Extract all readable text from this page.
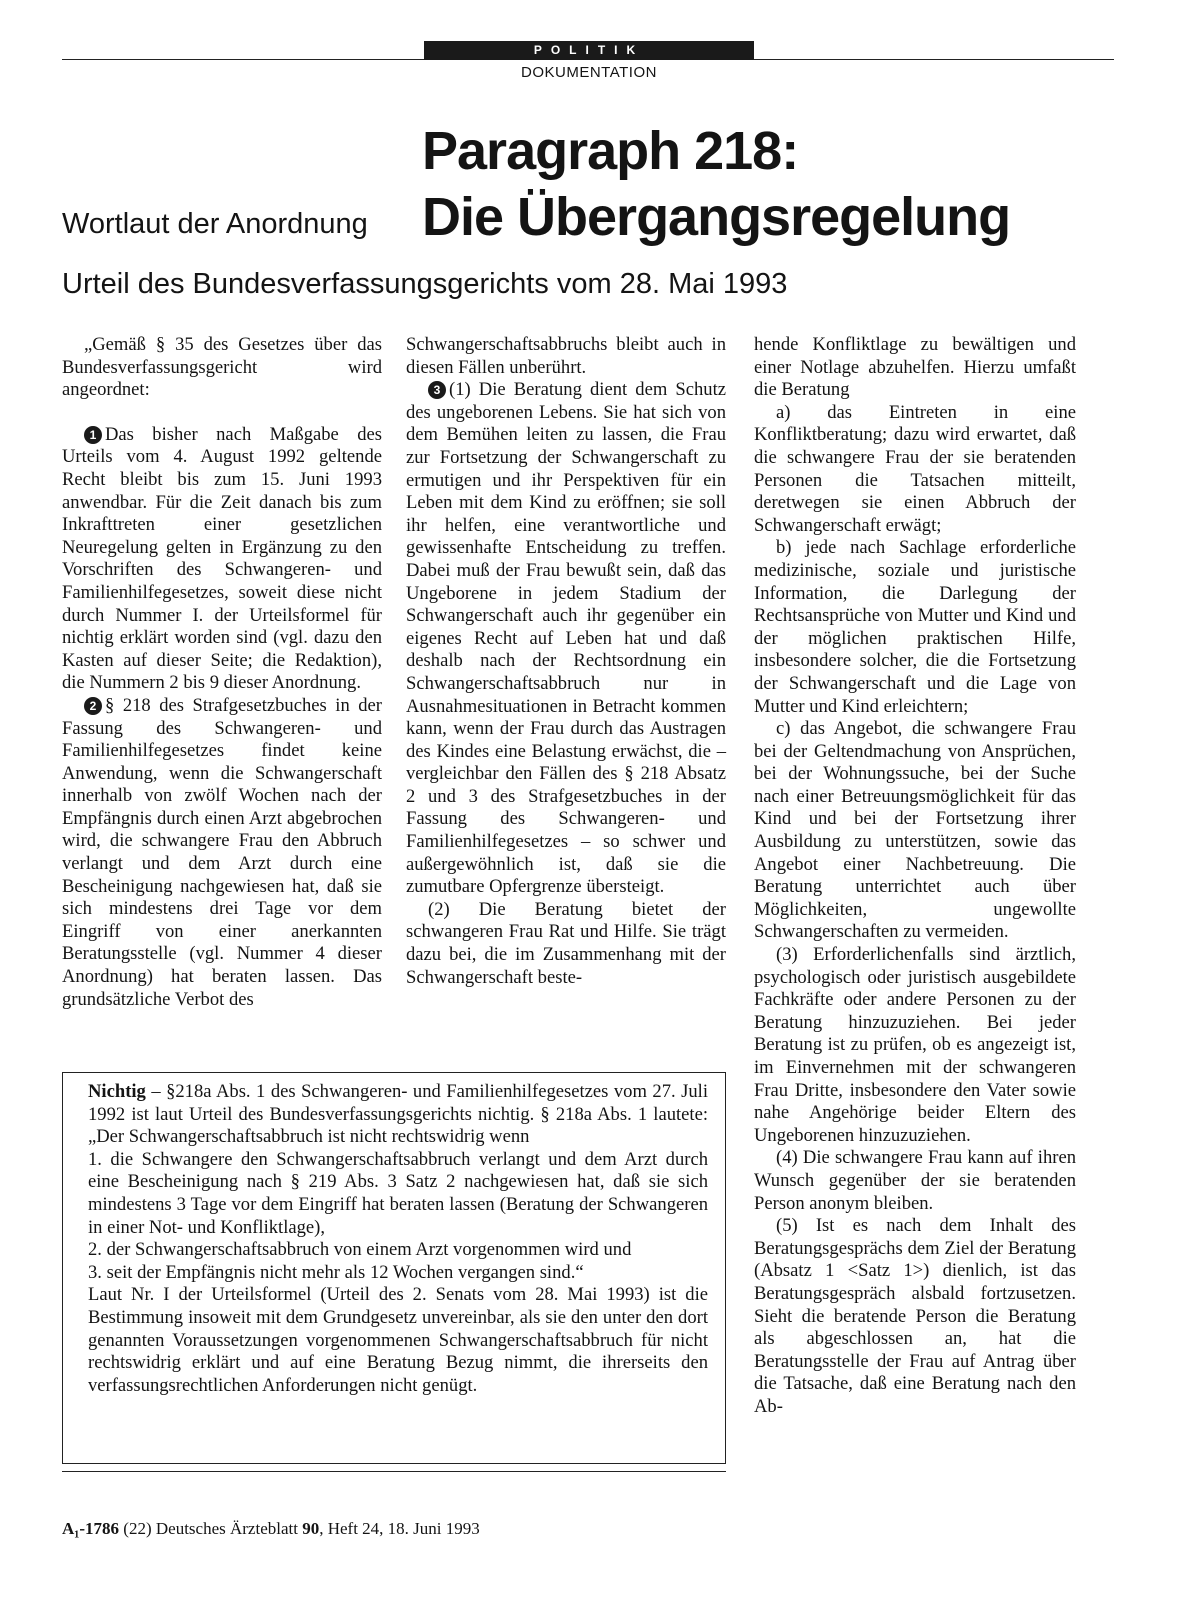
POLITIK
DOKUMENTATION
Paragraph 218:
Die Übergangsregelung
Wortlaut der Anordnung
Urteil des Bundesverfassungsgerichts vom 28. Mai 1993

„Gemäß § 35 des Gesetzes über das Bundesverfassungsgericht wird angeordnet:

1 Das bisher nach Maßgabe des Urteils vom 4. August 1992 geltende Recht bleibt bis zum 15. Juni 1993 anwendbar. Für die Zeit danach bis zum Inkrafttreten einer gesetzlichen Neuregelung gelten in Ergänzung zu den Vorschriften des Schwangeren- und Familienhilfegesetzes, soweit diese nicht durch Nummer I. der Urteilsformel für nichtig erklärt worden sind (vgl. dazu den Kasten auf dieser Seite; die Redaktion), die Nummern 2 bis 9 dieser Anordnung.

2 § 218 des Strafgesetzbuches in der Fassung des Schwangeren- und Familienhilfegesetzes findet keine Anwendung, wenn die Schwangerschaft innerhalb von zwölf Wochen nach der Empfängnis durch einen Arzt abgebrochen wird, die schwangere Frau den Abbruch verlangt und dem Arzt durch eine Bescheinigung nachgewiesen hat, daß sie sich mindestens drei Tage vor dem Eingriff von einer anerkannten Beratungsstelle (vgl. Nummer 4 dieser Anordnung) hat beraten lassen. Das grundsätzliche Verbot des

Schwangerschaftsabbruchs bleibt auch in diesen Fällen unberührt.

3 (1) Die Beratung dient dem Schutz des ungeborenen Lebens. Sie hat sich von dem Bemühen leiten zu lassen, die Frau zur Fortsetzung der Schwangerschaft zu ermutigen und ihr Perspektiven für ein Leben mit dem Kind zu eröffnen; sie soll ihr helfen, eine verantwortliche und gewissenhafte Entscheidung zu treffen. Dabei muß der Frau bewußt sein, daß das Ungeborene in jedem Stadium der Schwangerschaft auch ihr gegenüber ein eigenes Recht auf Leben hat und daß deshalb nach der Rechtsordnung ein Schwangerschaftsabbruch nur in Ausnahmesituationen in Betracht kommen kann, wenn der Frau durch das Austragen des Kindes eine Belastung erwächst, die – vergleichbar den Fällen des § 218 Absatz 2 und 3 des Strafgesetzbuches in der Fassung des Schwangeren- und Familienhilfegesetzes – so schwer und außergewöhnlich ist, daß sie die zumutbare Opfergrenze übersteigt.

(2) Die Beratung bietet der schwangeren Frau Rat und Hilfe. Sie trägt dazu bei, die im Zusammenhang mit der Schwangerschaft beste-

hende Konfliktlage zu bewältigen und einer Notlage abzuhelfen. Hierzu umfaßt die Beratung

a) das Eintreten in eine Konfliktberatung; dazu wird erwartet, daß die schwangere Frau der sie beratenden Personen die Tatsachen mitteilt, deretwegen sie einen Abbruch der Schwangerschaft erwägt;

b) jede nach Sachlage erforderliche medizinische, soziale und juristische Information, die Darlegung der Rechtsansprüche von Mutter und Kind und der möglichen praktischen Hilfe, insbesondere solcher, die die Fortsetzung der Schwangerschaft und die Lage von Mutter und Kind erleichtern;

c) das Angebot, die schwangere Frau bei der Geltendmachung von Ansprüchen, bei der Wohnungssuche, bei der Suche nach einer Betreuungsmöglichkeit für das Kind und bei der Fortsetzung ihrer Ausbildung zu unterstützen, sowie das Angebot einer Nachbetreuung. Die Beratung unterrichtet auch über Möglichkeiten, ungewollte Schwangerschaften zu vermeiden.

(3) Erforderlichenfalls sind ärztlich, psychologisch oder juristisch ausgebildete Fachkräfte oder andere Personen zu der Beratung hinzuzuziehen. Bei jeder Beratung ist zu prüfen, ob es angezeigt ist, im Einvernehmen mit der schwangeren Frau Dritte, insbesondere den Vater sowie nahe Angehörige beider Eltern des Ungeborenen hinzuzuziehen.

(4) Die schwangere Frau kann auf ihren Wunsch gegenüber der sie beratenden Person anonym bleiben.

(5) Ist es nach dem Inhalt des Beratungsgesprächs dem Ziel der Beratung (Absatz 1 <Satz 1>) dienlich, ist das Beratungsgespräch alsbald fortzusetzen. Sieht die beratende Person die Beratung als abgeschlossen an, hat die Beratungsstelle der Frau auf Antrag über die Tatsache, daß eine Beratung nach den Ab-

Nichtig – §218a Abs. 1 des Schwangeren- und Familienhilfegesetzes vom 27. Juli 1992 ist laut Urteil des Bundesverfassungsgerichts nichtig. § 218a Abs. 1 lautete: „Der Schwangerschaftsabbruch ist nicht rechtswidrig wenn

1. die Schwangere den Schwangerschaftsabbruch verlangt und dem Arzt durch eine Bescheinigung nach § 219 Abs. 3 Satz 2 nachgewiesen hat, daß sie sich mindestens 3 Tage vor dem Eingriff hat beraten lassen (Beratung der Schwangeren in einer Not- und Konfliktlage),

2. der Schwangerschaftsabbruch von einem Arzt vorgenommen wird und

3. seit der Empfängnis nicht mehr als 12 Wochen vergangen sind.“

Laut Nr. I der Urteilsformel (Urteil des 2. Senats vom 28. Mai 1993) ist die Bestimmung insoweit mit dem Grundgesetz unvereinbar, als sie den unter den dort genannten Voraussetzungen vorgenommenen Schwangerschaftsabbruch für nicht rechtswidrig erklärt und auf eine Beratung Bezug nimmt, die ihrerseits den verfassungsrechtlichen Anforderungen nicht genügt.

A₁-1786 (22) Deutsches Ärzteblatt 90, Heft 24, 18. Juni 1993
